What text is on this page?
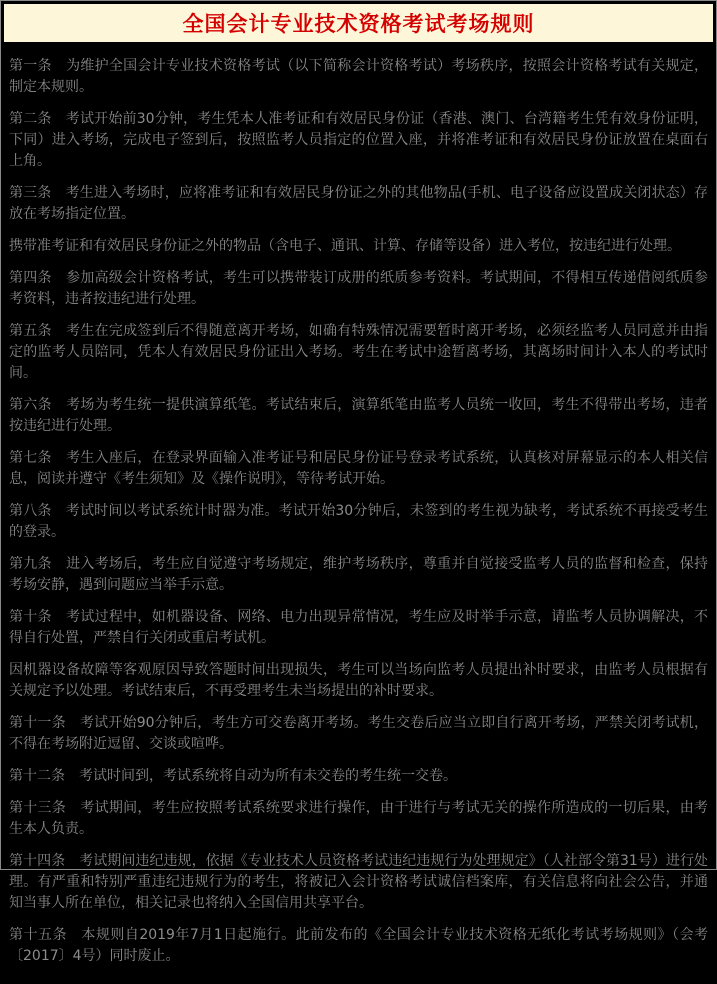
全国会计专业技术资格考试考场规则

第一条　为维护全国会计专业技术资格考试（以下简称会计资格考试）考场秩序，按照会计资格考试有关规定，制定本规则。

第二条　考试开始前30分钟，考生凭本人准考证和有效居民身份证（香港、澳门、台湾籍考生凭有效身份证明，下同）进入考场，完成电子签到后，按照监考人员指定的位置入座，并将准考证和有效居民身份证放置在桌面右上角。

第三条　考生进入考场时，应将准考证和有效居民身份证之外的其他物品(手机、电子设备应设置成关闭状态）存放在考场指定位置。

携带准考证和有效居民身份证之外的物品（含电子、通讯、计算、存储等设备）进入考位，按违纪进行处理。

第四条　参加高级会计资格考试，考生可以携带装订成册的纸质参考资料。考试期间，不得相互传递借阅纸质参考资料，违者按违纪进行处理。

第五条　考生在完成签到后不得随意离开考场，如确有特殊情况需要暂时离开考场，必须经监考人员同意并由指定的监考人员陪同，凭本人有效居民身份证出入考场。考生在考试中途暂离考场，其离场时间计入本人的考试时间。

第六条　考场为考生统一提供演算纸笔。考试结束后，演算纸笔由监考人员统一收回，考生不得带出考场，违者按违纪进行处理。

第七条　考生入座后，在登录界面输入准考证号和居民身份证号登录考试系统，认真核对屏幕显示的本人相关信息，阅读并遵守《考生须知》及《操作说明》，等待考试开始。

第八条　考试时间以考试系统计时器为准。考试开始30分钟后，未签到的考生视为缺考，考试系统不再接受考生的登录。

第九条　进入考场后，考生应自觉遵守考场规定，维护考场秩序，尊重并自觉接受监考人员的监督和检查，保持考场安静，遇到问题应当举手示意。

第十条　考试过程中，如机器设备、网络、电力出现异常情况，考生应及时举手示意，请监考人员协调解决，不得自行处置，严禁自行关闭或重启考试机。

因机器设备故障等客观原因导致答题时间出现损失，考生可以当场向监考人员提出补时要求，由监考人员根据有关规定予以处理。考试结束后，不再受理考生未当场提出的补时要求。

第十一条　考试开始90分钟后，考生方可交卷离开考场。考生交卷后应当立即自行离开考场，严禁关闭考试机，不得在考场附近逗留、交谈或喧哗。

第十二条　考试时间到，考试系统将自动为所有未交卷的考生统一交卷。

第十三条　考试期间，考生应按照考试系统要求进行操作，由于进行与考试无关的操作所造成的一切后果，由考生本人负责。

第十四条　考试期间违纪违规，依据《专业技术人员资格考试违纪违规行为处理规定》（人社部令第31号）进行处理。有严重和特别严重违纪违规行为的考生，将被记入会计资格考试诚信档案库，有关信息将向社会公告，并通知当事人所在单位，相关记录也将纳入全国信用共享平台。

第十五条　本规则自2019年7月1日起施行。此前发布的《全国会计专业技术资格无纸化考试考场规则》（会考〔2017〕4号）同时废止。
